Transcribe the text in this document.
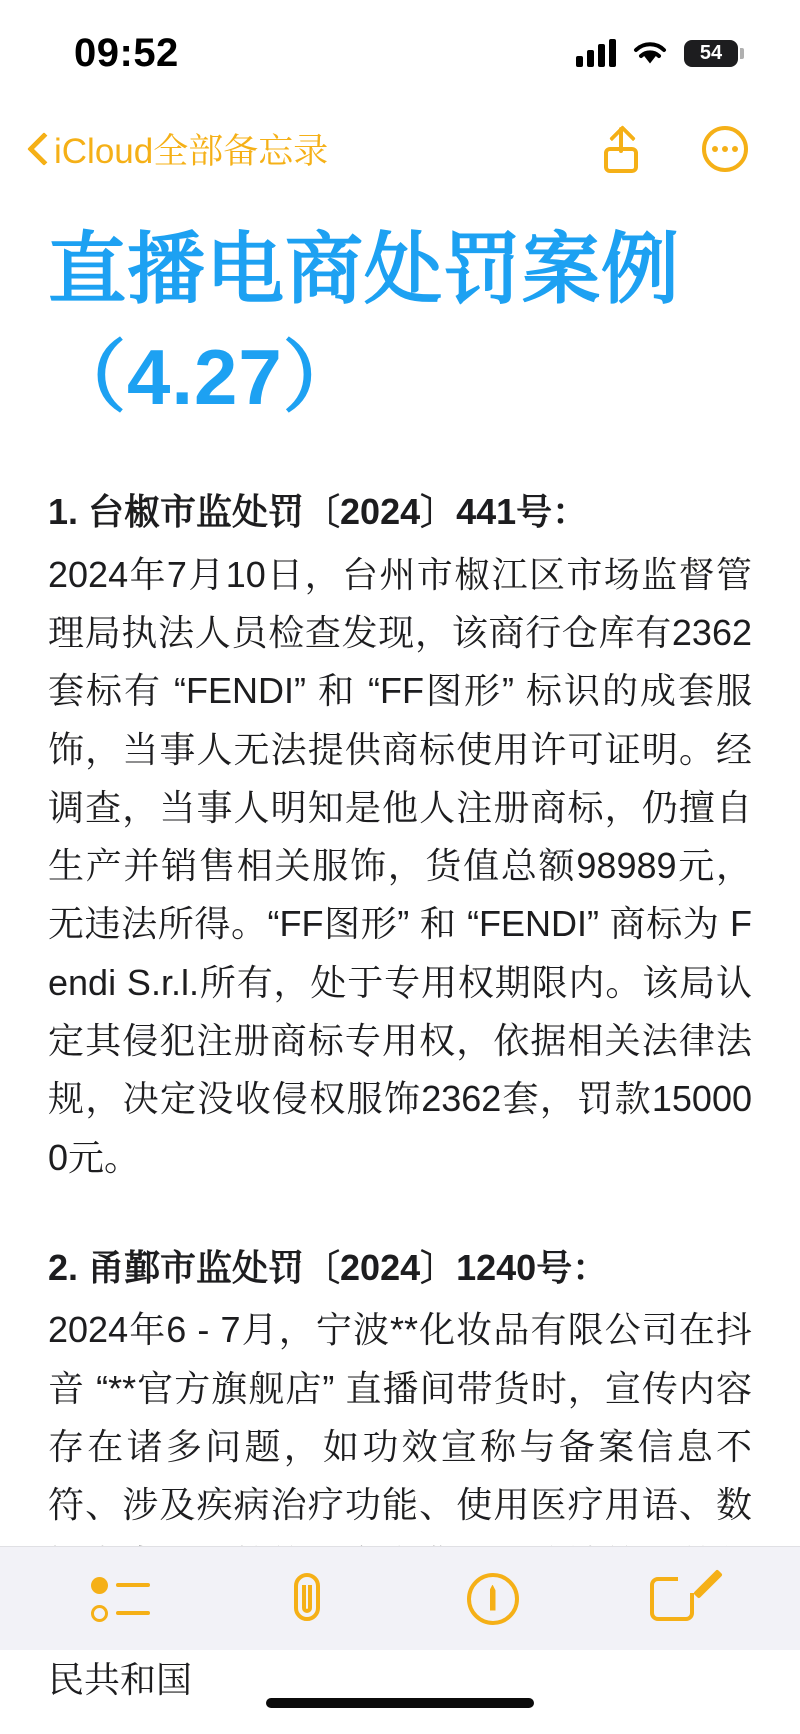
09:52	54
iCloud全部备忘录
直播电商处罚案例（4.27）
1. 台椒市监处罚〔2024〕441号：
2024年7月10日，台州市椒江区市场监督管理局执法人员检查发现，该商行仓库有2362套标有 “FENDI” 和 “FF图形” 标识的成套服饰，当事人无法提供商标使用许可证明。经调查，当事人明知是他人注册商标，仍擅自生产并销售相关服饰，货值总额98989元，无违法所得。“FF图形” 和 “FENDI” 商标为 Fendi S.r.l.所有，处于专用权期限内。该局认定其侵犯注册商标专用权，依据相关法律法规，决定没收侵权服饰2362套，罚款150000元。
2. 甬鄞市监处罚〔2024〕1240号：
2024年6 - 7月，宁波**化妆品有限公司在抖音 “**官方旗舰店” 直播间带货时，宣传内容存在诸多问题，如功效宣称与备案信息不符、涉及疾病治疗功能、使用医疗用语、数 民共和国
